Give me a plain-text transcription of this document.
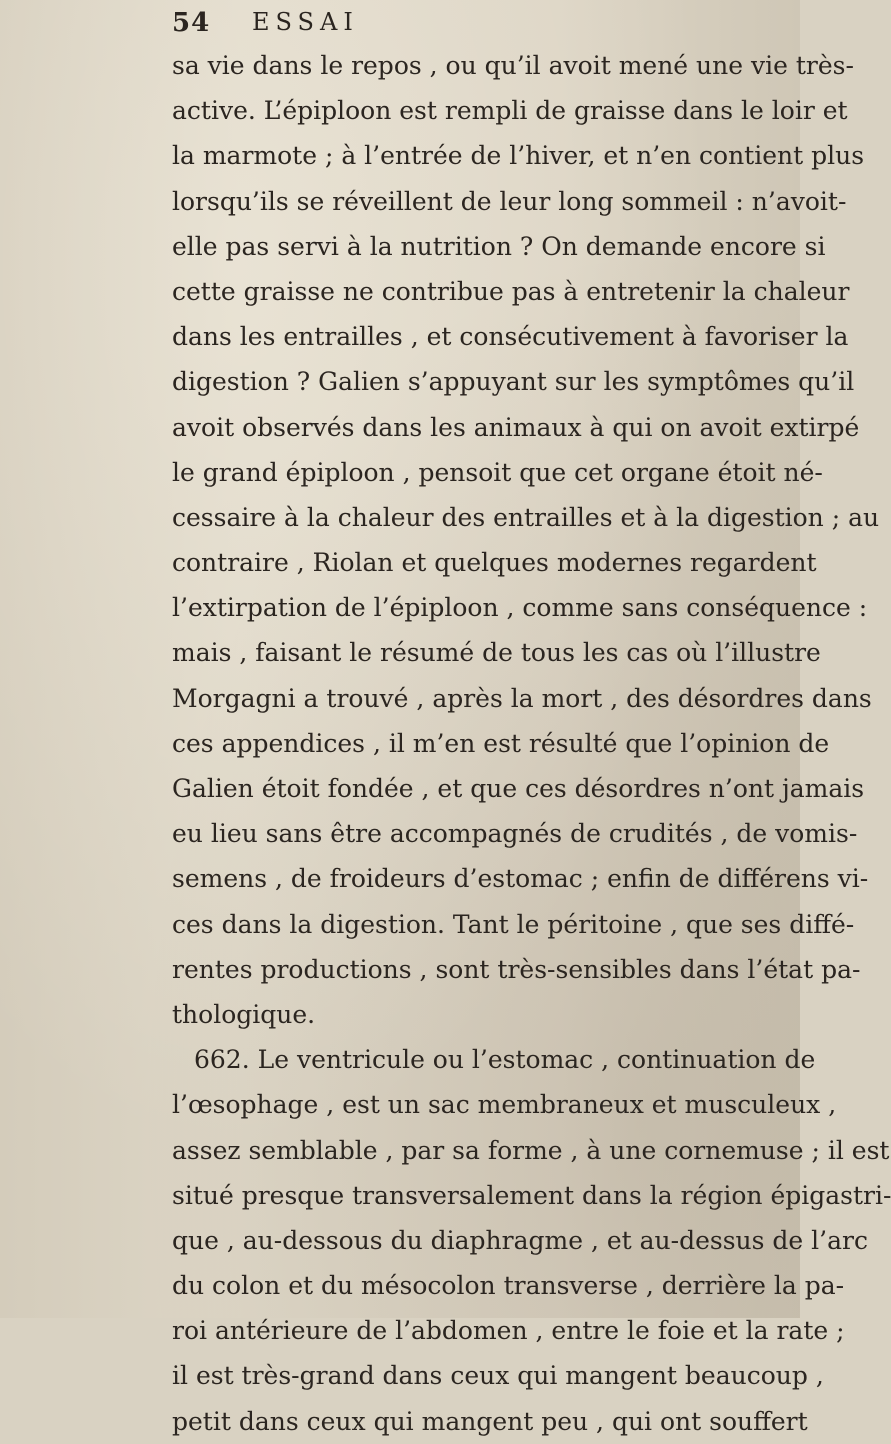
54 ESSAI
sa vie dans le repos , ou qu’il avoit mené une vie très-
active. L’épiploon est rempli de graisse dans le loir et
la marmote ; à l’entrée de l’hiver, et n’en contient plus
lorsqu’ils se réveillent de leur long sommeil : n’avoit-
elle pas servi à la nutrition ? On demande encore si
cette graisse ne contribue pas à entretenir la chaleur
dans les entrailles , et consécutivement à favoriser la
digestion ? Galien s’appuyant sur les symptômes qu’il
avoit observés dans les animaux à qui on avoit extirpé
le grand épiploon , pensoit que cet organe étoit né-
cessaire à la chaleur des entrailles et à la digestion ; au
contraire , Riolan et quelques modernes regardent
l’extirpation de l’épiploon , comme sans conséquence :
mais , faisant le résumé de tous les cas où l’illustre
Morgagni a trouvé , après la mort , des désordres dans
ces appendices , il m’en est résulté que l’opinion de
Galien étoit fondée , et que ces désordres n’ont jamais
eu lieu sans être accompagnés de crudités , de vomis-
semens , de froideurs d’estomac ; enfin de différens vi-
ces dans la digestion. Tant le péritoine , que ses diffé-
rentes productions , sont très-sensibles dans l’état pa-
thologique.
662. Le ventricule ou l’estomac , continuation de
l’œsophage , est un sac membraneux et musculeux ,
assez semblable , par sa forme , à une cornemuse ; il est
situé presque transversalement dans la région épigastri-
que , au-dessous du diaphragme , et au-dessus de l’arc
du colon et du mésocolon transverse , derrière la pa-
roi antérieure de l’abdomen , entre le foie et la rate ;
il est très-grand dans ceux qui mangent beaucoup ,
petit dans ceux qui mangent peu , qui ont souffert
